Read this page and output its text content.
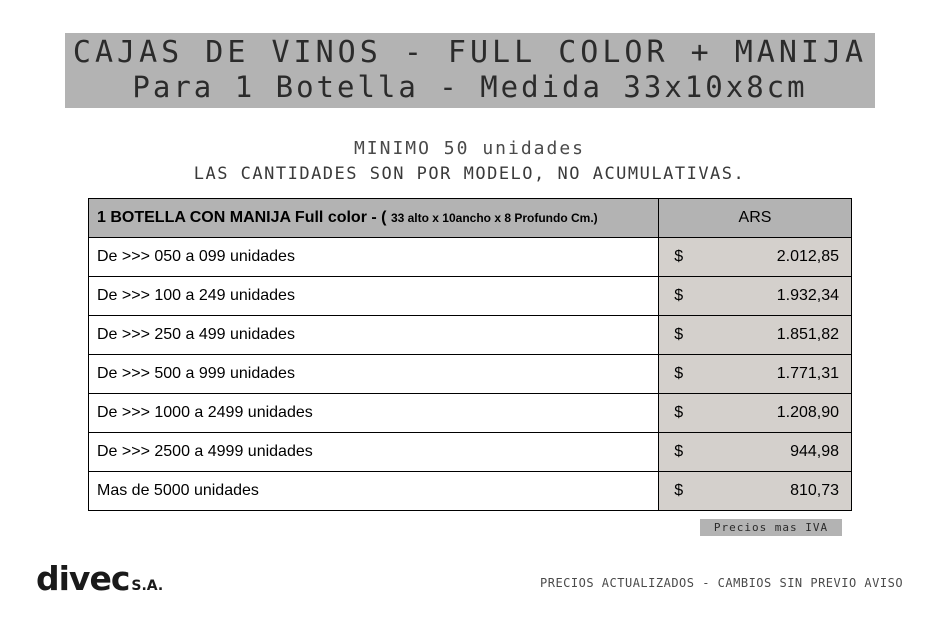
CAJAS DE VINOS - FULL COLOR + MANIJA
Para 1 Botella - Medida 33x10x8cm
MINIMO 50 unidades
LAS CANTIDADES SON POR MODELO, NO ACUMULATIVAS.
1 BOTELLA CON MANIJA Full color - ( 33 alto x 10ancho x 8 Profundo Cm.)	ARS	
De >>> 050 a 099 unidades	$	2.012,85
De >>> 100 a 249 unidades	$	1.932,34
De >>> 250 a 499 unidades	$	1.851,82
De >>> 500 a 999 unidades	$	1.771,31
De >>> 1000 a 2499 unidades	$	1.208,90
De >>> 2500 a 4999 unidades	$	944,98
Mas de 5000 unidades	$	810,73
Precios mas IVA
divec S.A.	PRECIOS ACTUALIZADOS - CAMBIOS SIN PREVIO AVISO
